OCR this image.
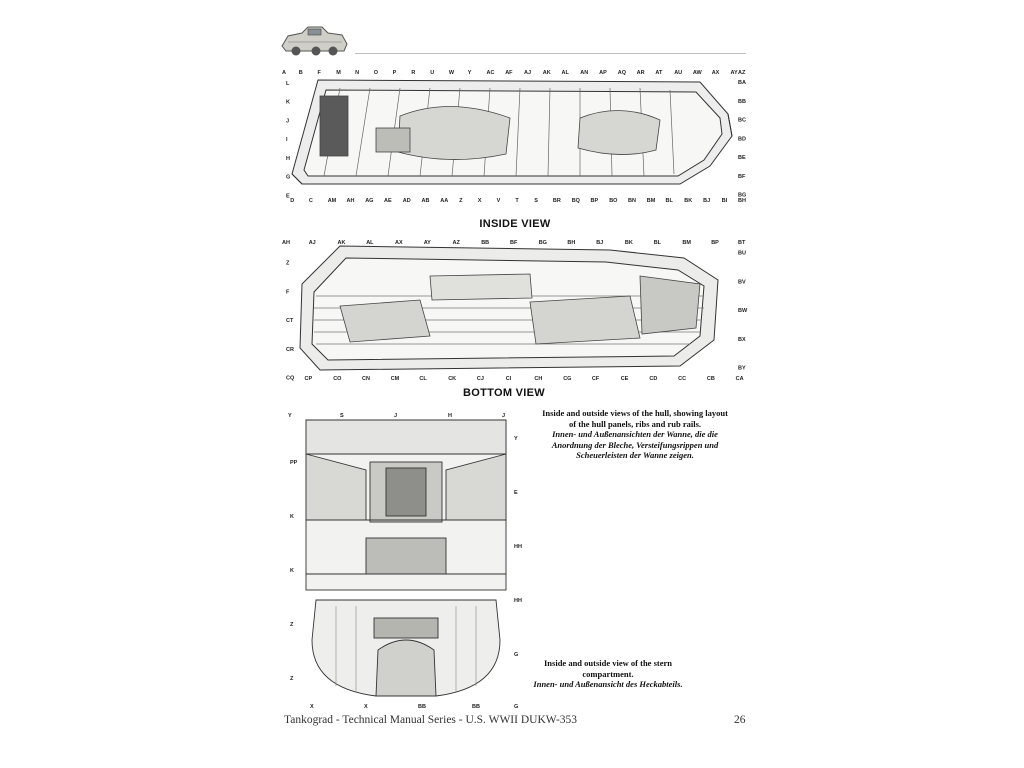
A B	F	M	N	O	P	R	U	W Y	AC AF AJ AK AL AN AP AQ AR AT AU AW AX AY AZ
BA
BB
BC
BD
BE
BF
BG
BH
BI
BJ
BK
BL
BM
BN
BO
BP
BQ
BR
S
T
V
X
Z
AA
AB
AD
AE
AG
AH
AM
C
D
E
G
H
I
J
K
L
INSIDE VIEW
AH	AJ	AK	AL	AX	AY	AZ	BB	BF	BG	BH	BJ	BK	BL	BM	BP	BT
BU
BV
BW
BX
BY
CA
CB
CC
CD
CE
CF
CG
CH
CI
CJ
CK
CL
CM
CN
CO
CP
CQ
CR
CT
F
Z
BOTTOM VIEW
Y	S	J	H	J
Y
E
HH
HH
G
G
BB
BB
X
X
Z
Z
K
K
PP
Inside and outside views of the hull, showing layout of the hull panels, ribs and rub rails.
Innen- und Außenansichten der Wanne, die die Anordnung der Bleche, Versteifungsrippen und Scheuerleisten der Wanne zeigen.
Inside and outside view of the stern compartment.
Innen- und Außenansicht des Heckabteils.
Tankograd - Technical Manual Series - U.S. WWII DUKW-353	26
